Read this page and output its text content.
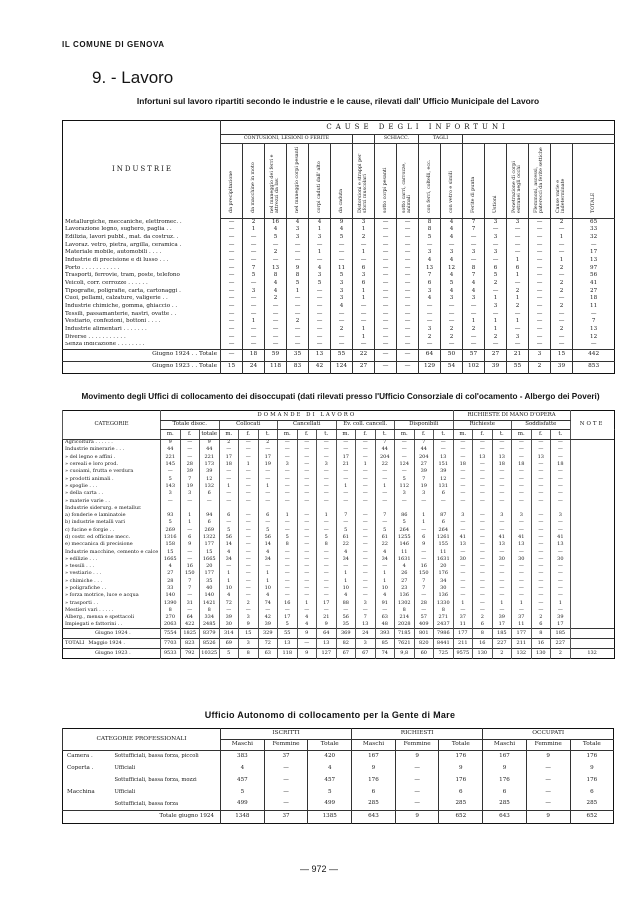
IL COMUNE DI GENOVA
9. - Lavoro
Infortuni sul lavoro ripartiti secondo le industrie e le cause, rilevati dall' Ufficio Municipale del Lavoro
INDUSTRIE	CAUSE DEGLI INFORTUNI																
	CONTUSIONI, LESIONI O FERITE							SCHIACC.		TAGLI							
	da precipitazione	da macchine in moto	nel maneggio dei ferri e attrezzi da lav.	nel maneggio corpi pesanti	corpi caduti dall' alto	da caduta	Distorsioni e strappi per sforzi muscolari	sotto corpi pesanti	sotto carri, carrozze, animali	con ferri, coltelli, ecc.	con vetro e simili	Ferite di punta	Ustioni	Penetrazione di corpi estranei negli occhi	Flemmoni, ascessi, patereccì da ferite settiche	Cause varie e indeterminate	TOTALE
Metallurgiche, meccaniche, elettromec. .	—	2	16	4	4	9	3	—	—	8	4	7	3	3	—	2	65
Lavorazione legno, sughero, paglia . .	—	1	4	3	1	4	1	—	—	8	4	7	—	—	—	—	33
Edilizia, lavori pubbl., mat. da costruz. .	—	—	5	3	3	5	2	—	—	5	4	—	3	—	—	1	32
Lavoraz. vetro, pietra, argilla, ceramica .	—	—	—	—	—	—	—	—	—	—	—	—	—	—	—	—	—
Materiale mobile, automobili . . . .	—	—	2	—	1	—	1	—	—	3	3	3	3	—	—	—	17
Industrie di precisione e di lusso . . .	—	—	—	—	—	—	—	—	—	4	4	—	—	1	—	1	13
Porto . . . . . . . . . . .	—	7	13	9	4	11	6	—	—	13	12	8	6	6	—	2	97
Trasporti, ferrovie, tram, poste, telefono	—	5	8	8	3	5	3	—	—	7	4	7	5	1	—	—	56
Veicoli, corr. cerrozze . . . . . .	—	—	4	5	5	3	6	—	—	6	5	4	2	—	—	2	41
Tipografie, poligrafie, carta, cartonaggi .	—	3	4	1	—	3	1	—	—	3	4	4	—	2	—	2	27
Cuoi, pellami, calzature, valigerie . .	—	—	2	—	—	3	1	—	—	4	3	3	1	1	—	—	18
Industrie chimiche, gomma, ghiaccio . .	—	—	—	—	—	4	—	—	—	—	—	—	3	2	—	2	11
Tessili, passamanterie, nastri, ovatte . .	—	—	—	—	—	—	—	—	—	—	—	—	—	—	—	—	—
Vestiario, confezioni, bottoni . . . .	—	1	—	2	—	—	—	—	—	—	—	1	1	1	—	—	7
Industrie alimentari . . . . . . .	—	—	—	—	—	2	1	—	—	3	2	2	1	—	—	2	13
Diverse . . . . . . . . . . .	—	—	—	—	—	—	1	—	—	2	2	—	2	3	—	—	12
Senza indicazione . . . . . . . .	—	—	—	—	—	—	—	—	—	—	—	—	—	—	—	—	—
Giugno 1924 . . Totale	—	18	59	35	13	55	22	—	—	64	50	57	27	21	3	15	442
Giugno 1923 . . Totale	15	24	118	83	42	124	27	—	—	129	54	102	39	55	2	39	853
Movimento degli Uffici di collocamento dei disoccupati (dati rilevati presso l'Ufficio Consorziale di col'ocamento - Albergo dei Poveri)
CATEGORIE	DOMANDE DI LAVORO															RICHIESTE DI MANO D'OPERA						NOTE	
	Totale disoc.			Collocati			Cancellati			Ev. coll. cancell.			Disponibili			Richieste			Soddisfatte	
	m.	f.	totale	m.	f.	t.	m.	f.	t.	m.	f.	t.	m.	f.	t.	m.	f.	t.	m.	f.	t.		
Agricoltura . . . . . .	9	—	9	2	—	2	—	—	—	—	—	7	—	7	—	—	—	—	—	—	—		
Industrie minerarie . . .	44	—	44	—	—	—	—	—	—	—	—	44	—	44	—	—	—	—	—	—	—		
» del legno e affini .	221	—	221	17	—	17	—	—	—	17	—	204	—	204	13	—	13	13	—	13	—		
» cereali e loro prod.	145	28	173	18	1	19	3	—	3	21	1	22	124	27	151	18	—	18	18	—	18		
» cuoiami, frutta e verdura	—	39	39	—	—	—	—	—	—	—	—	—	—	39	39	—	—	—	—	—	—		
» prodotti animali .	5	7	12	—	—	—	—	—	—	—	—	—	5	7	12	—	—	—	—	—	—		
» spoglie . . .	143	19	132	1	—	1	—	—	—	1	—	1	112	19	131	—	—	—	—	—	—		
» della carta . .	3	3	6	—	—	—	—	—	—	—	—	—	3	3	6	—	—	—	—	—	—		
» materie varie . .	—	—	—	—	—	—	—	—	—	—	—	—	—	—	—	—	—	—	—	—	—		
Industrie siderurg. e metallur.																							
a) fonderie e laminatoie	93	1	94	6	—	6	1	—	1	7	—	7	86	1	87	3	—	3	3	—	3		
b) industrie metalli vari	5	1	6	—	—	—	—	—	—	—	—	—	5	1	6	—	—	—	—	—	—		
c) fucine e forgie . .	269	—	269	5	—	5	—	—	—	5	—	5	264	—	264	—	—	—	—	—	—		
d) costr. ed officine mecc.	1316	6	1322	56	—	56	5	—	5	61	—	61	1255	6	1261	41	—	41	41	—	41		
e) meccanica di precisione	158	9	177	14	—	14	8	—	8	22	—	22	146	9	155	13	—	13	13	—	13		
Industrie macchine, cemento e calce	15	—	15	4	—	4	—	—	—	4	—	4	11	—	11	—	—	—	—	—	—		
» edilizie . . .	1665	—	1665	34	—	34	—	—	—	34	—	34	1631	—	1631	30	—	30	30	—	30		
» tessili . . .	4	16	20	—	—	—	—	—	—	—	—	—	4	16	20	—	—	—	—	—	—		
» vestiario . . .	27	150	177	1	—	1	—	—	—	1	—	1	26	150	176	—	—	—	—	—	—		
» chimiche . . .	28	7	35	1	—	1	—	—	—	1	—	1	27	7	34	—	—	—	—	—	—		
» poligrafiche . .	33	7	40	10	—	10	—	—	—	10	—	10	23	7	30	—	—	—	—	—	—		
» forza motrice, luce e acqua	140	—	140	4	—	4	—	—	—	4	—	4	136	—	136	—	—	—	—	—	—		
» trasporti . .	1390	31	1421	72	2	74	16	1	17	88	3	91	1302	28	1330	1	—	1	1	—	1		
Mestieri vari . . . . .	8	—	8	—	—	—	—	—	—	—	—	—	8	—	8	—	—	—	—	—	—		
Alberg., mensa e spettacoli	270	64	334	39	3	42	17	4	21	56	7	63	214	57	271	37	2	39	37	2	39		
Impiegati e fattorini . .	2063	422	2485	30	9	39	5	4	9	35	13	48	2028	409	2437	11	6	17	11	6	17		
Giugno 1924 .	7554	1825	8379	314	15	329	55	9	64	369	24	393	7185	801	7986	177	8	185	177	8	185		
TOTALI Maggio 1924 .	7703	823	8526	69	3	72	13	—	13	82	3	85	7621	820	8441	211	16	227	211	16	227		
Giugno 1923 .	9533	792	10325	5	8	63	118	9	127	67	67	74	9,8	60	725	9575	130	2	132	130	2	132	
Ufficio Autonomo di collocamento per la Gente di Mare
CATEGORIE PROFESSIONALI		ISCRITTI			RICHIESTI			OCCUPATI		
		Maschi	Femmine	Totale	Maschi	Femmine	Totale	Maschi	Femmine	Totale
Camera .	Sottufficiali, bassa forza, piccoli	383	37	420	167	9	176	167	9	176
Coperta .	Ufficiali	4	—	4	9	—	9	9	—	9
	Sottufficiali, bassa forza, mozzi	457	—	457	176	—	176	176	—	176
Macchina	Ufficiali	5	—	5	6	—	6	6	—	6
	Sottufficiali, bassa forza	499	—	499	285	—	285	285	—	285
Totale giugno 1924		1348	37	1385	643	9	652	643	9	652
— 972 —
